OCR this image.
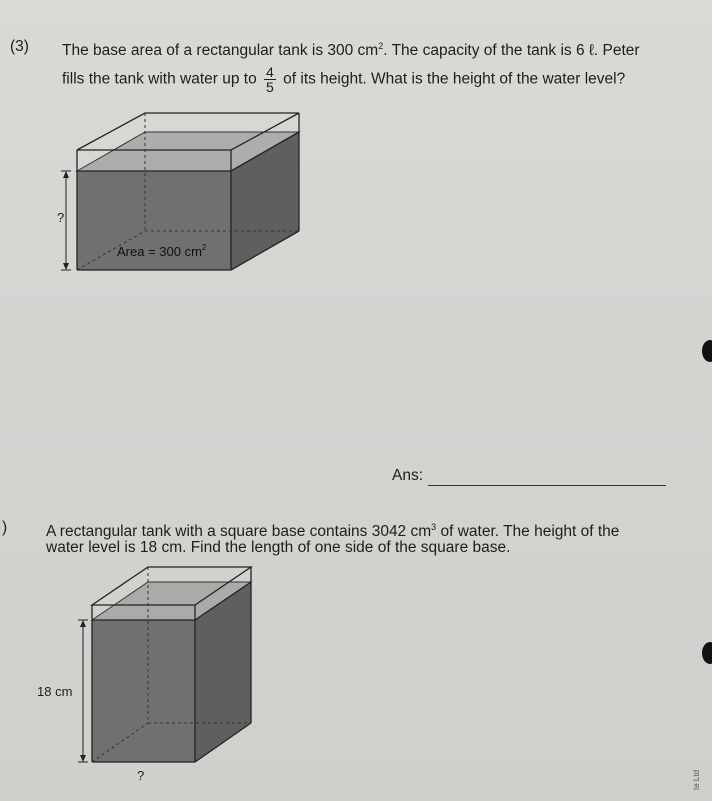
(3) The base area of a rectangular tank is 300 $cm^2$. The capacity of the tank is 6 ℓ. Peter
fills the tank with water up to $\frac{4}{5}$ of its height. What is the height of the water level?
?
Area = 300 $cm^2$
Ans:
)	A rectangular tank with a square base contains 3042 $cm^3$ of water. The height of the
water level is 18 cm. Find the length of one side of the square base.
18 cm
?	te Ltd
